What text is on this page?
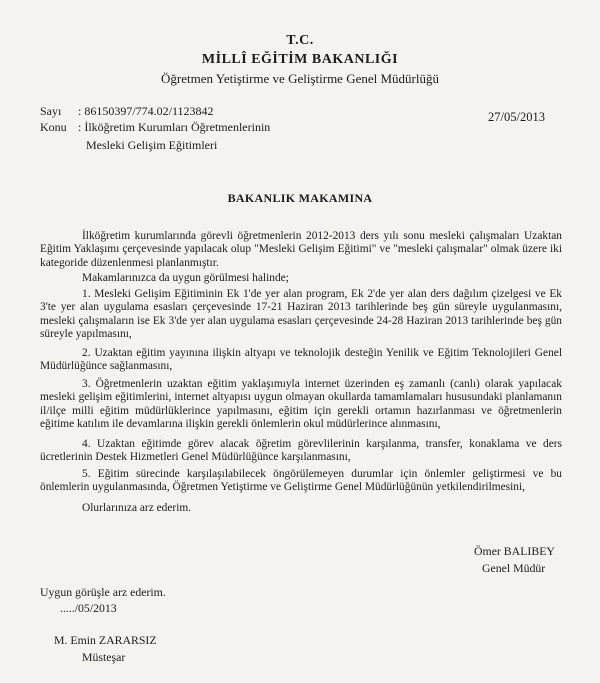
T.C.
MİLLÎ EĞİTİM BAKANLIĞI
Öğretmen Yetiştirme ve Geliştirme Genel Müdürlüğü
Sayı : 86150397/774.02/1123842	27/05/2013
Konu : İlköğretim Kurumları Öğretmenlerinin
Mesleki Gelişim Eğitimleri
BAKANLIK MAKAMINA
İlköğretim kurumlarında görevli öğretmenlerin 2012-2013 ders yılı sonu mesleki çalışmaları Uzaktan Eğitim Yaklaşımı çerçevesinde yapılacak olup "Mesleki Gelişim Eğitimi" ve "mesleki çalışmalar" olmak üzere iki kategoride düzenlenmesi planlanmıştır.
Makamlarınızca da uygun görülmesi halinde;
1. Mesleki Gelişim Eğitiminin Ek 1'de yer alan program, Ek 2'de yer alan ders dağılım çizelgesi ve Ek 3'te yer alan uygulama esasları çerçevesinde 17-21 Haziran 2013 tarihlerinde beş gün süreyle uygulanmasını, mesleki çalışmaların ise Ek 3'de yer alan uygulama esasları çerçevesinde 24-28 Haziran 2013 tarihlerinde beş gün süreyle yapılmasını,
2. Uzaktan eğitim yayınına ilişkin altyapı ve teknolojik desteğin Yenilik ve Eğitim Teknolojileri Genel Müdürlüğünce sağlanmasını,
3. Öğretmenlerin uzaktan eğitim yaklaşımıyla internet üzerinden eş zamanlı (canlı) olarak yapılacak mesleki gelişim eğitimlerini, internet altyapısı uygun olmayan okullarda tamamlamaları hususundaki planlamanın il/ilçe milli eğitim müdürlüklerince yapılmasını, eğitim için gerekli ortamın hazırlanması ve öğretmenlerin eğitime katılım ile devamlarına ilişkin gerekli önlemlerin okul müdürlerince alınmasını,
4. Uzaktan eğitimde görev alacak öğretim görevlilerinin karşılanma, transfer, konaklama ve ders ücretlerinin Destek Hizmetleri Genel Müdürlüğünce karşılanmasını,
5. Eğitim sürecinde karşılaşılabilecek öngörülemeyen durumlar için önlemler geliştirmesi ve bu önlemlerin uygulanmasında, Öğretmen Yetiştirme ve Geliştirme Genel Müdürlüğünün yetkilendirilmesini,
Olurlarınıza arz ederim.
Ömer BALIBEY
Genel Müdür
Uygun görüşle arz ederim.
...../05/2013
M. Emin ZARARSIZ
Müsteşar
